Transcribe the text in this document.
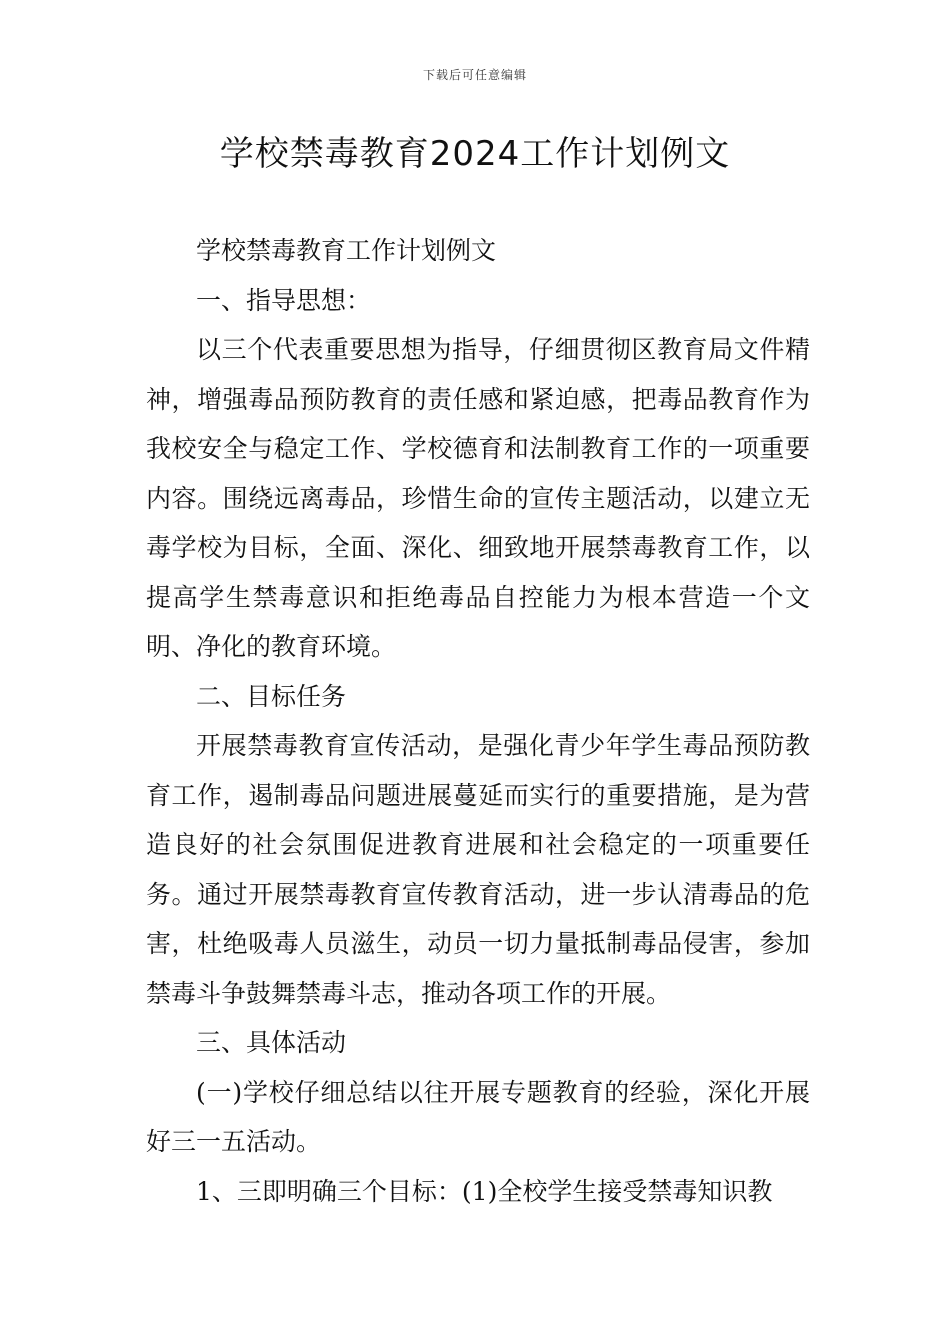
下载后可任意编辑
学校禁毒教育2024工作计划例文

学校禁毒教育工作计划例文

一、指导思想：

以三个代表重要思想为指导，仔细贯彻区教育局文件精神，增强毒品预防教育的责任感和紧迫感，把毒品教育作为我校安全与稳定工作、学校德育和法制教育工作的一项重要内容。围绕远离毒品，珍惜生命的宣传主题活动，以建立无毒学校为目标，全面、深化、细致地开展禁毒教育工作，以提高学生禁毒意识和拒绝毒品自控能力为根本营造一个文明、净化的教育环境。

二、目标任务

开展禁毒教育宣传活动，是强化青少年学生毒品预防教育工作，遏制毒品问题进展蔓延而实行的重要措施，是为营造良好的社会氛围促进教育进展和社会稳定的一项重要任务。通过开展禁毒教育宣传教育活动，进一步认清毒品的危害，杜绝吸毒人员滋生，动员一切力量抵制毒品侵害，参加禁毒斗争鼓舞禁毒斗志，推动各项工作的开展。

三、具体活动

(一)学校仔细总结以往开展专题教育的经验，深化开展好三一五活动。

1、三即明确三个目标：(1)全校学生接受禁毒知识教
